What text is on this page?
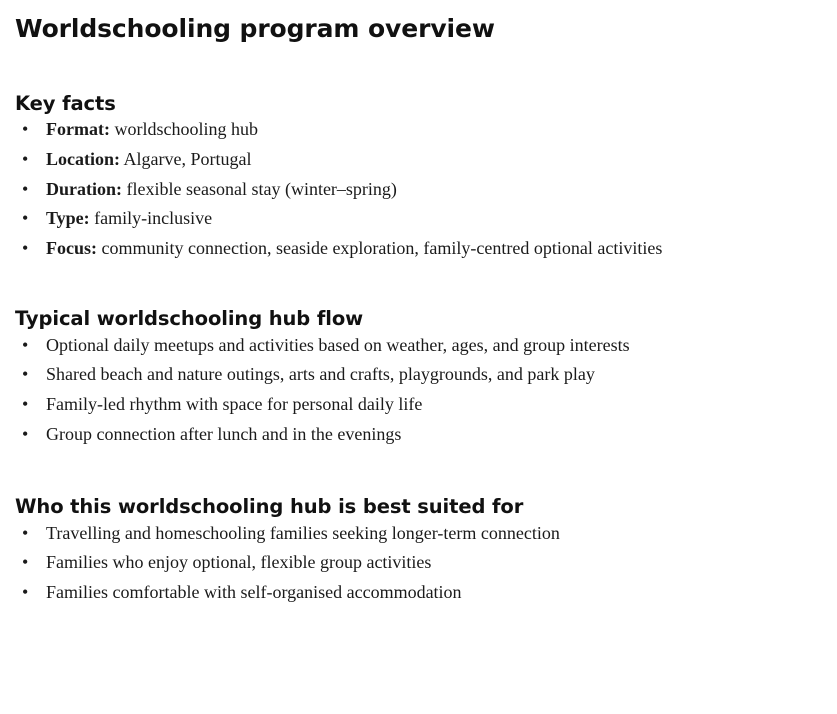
Worldschooling program overview
Key facts
• Format: worldschooling hub
• Location: Algarve, Portugal
• Duration: flexible seasonal stay (winter–spring)
• Type: family-inclusive
• Focus: community connection, seaside exploration, family-centred optional activities
Typical worldschooling hub flow
• Optional daily meetups and activities based on weather, ages, and group interests
• Shared beach and nature outings, arts and crafts, playgrounds, and park play
• Family-led rhythm with space for personal daily life
• Group connection after lunch and in the evenings
Who this worldschooling hub is best suited for
• Travelling and homeschooling families seeking longer-term connection
• Families who enjoy optional, flexible group activities
• Families comfortable with self-organised accommodation
